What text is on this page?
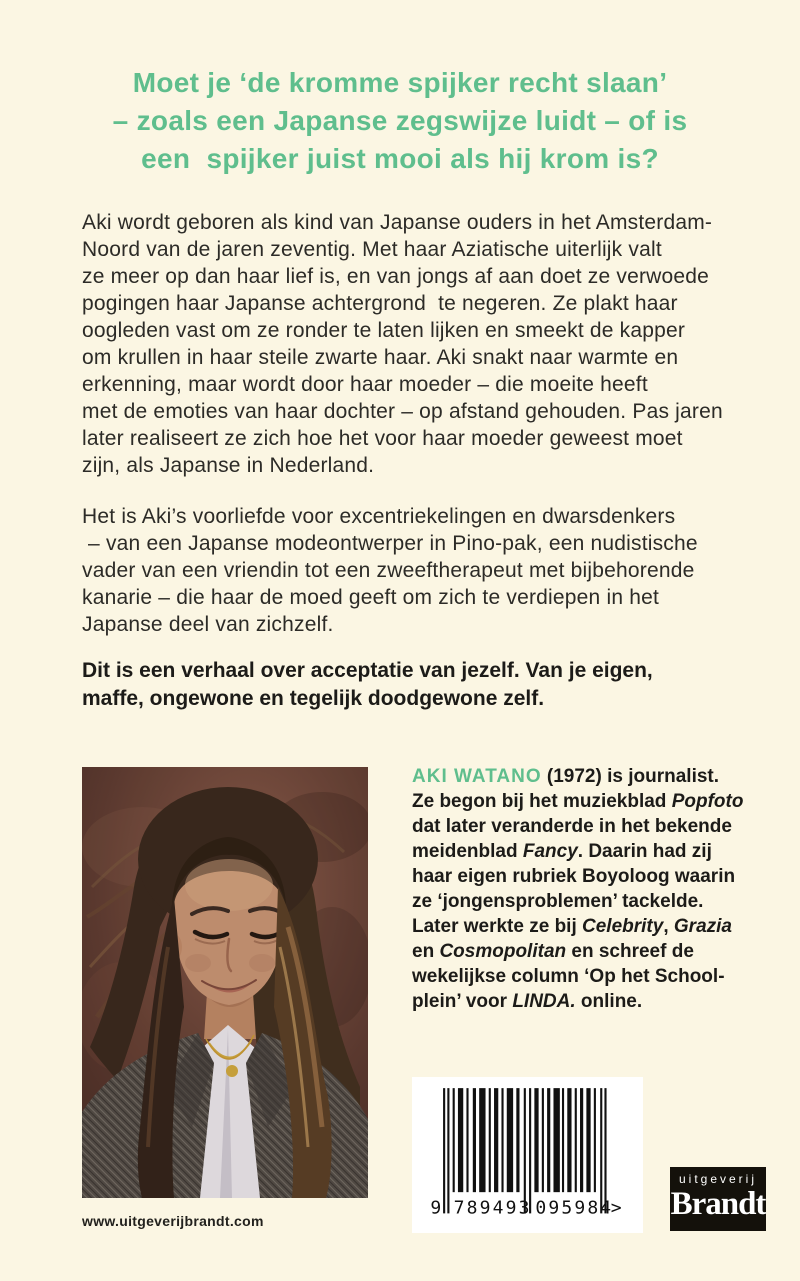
Moet je ‘de kromme spijker recht slaan’
– zoals een Japanse zegswijze luidt – of is
een  spijker juist mooi als hij krom is?
Aki wordt geboren als kind van Japanse ouders in het Amsterdam-
Noord van de jaren zeventig. Met haar Aziatische uiterlijk valt
ze meer op dan haar lief is, en van jongs af aan doet ze verwoede
pogingen haar Japanse achtergrond  te negeren. Ze plakt haar
oogleden vast om ze ronder te laten lijken en smeekt de kapper
om krullen in haar steile zwarte haar. Aki snakt naar warmte en
erkenning, maar wordt door haar moeder – die moeite heeft
met de emoties van haar dochter – op afstand gehouden. Pas jaren
later realiseert ze zich hoe het voor haar moeder geweest moet
zijn, als Japanse in Nederland.
Het is Aki’s voorliefde voor excentriekelingen en dwarsdenkers
– van een Japanse modeontwerper in Pino-pak, een nudistische
vader van een vriendin tot een zweeftherapeut met bijbehorende
kanarie – die haar de moed geeft om zich te verdiepen in het
Japanse deel van zichzelf.
Dit is een verhaal over acceptatie van jezelf. Van je eigen,
maffe, ongewone en tegelijk doodgewone zelf.
AKI WATANO (1972) is journalist.
Ze begon bij het muziekblad Popfoto
dat later veranderde in het bekende
meidenblad Fancy. Daarin had zij
haar eigen rubriek Boyoloog waarin
ze ‘jongensproblemen’ tackelde.
Later werkte ze bij Celebrity, Grazia
en Cosmopolitan en schreef de
wekelijkse column ‘Op het School-
plein’ voor LINDA. online.
9 789493 095984
>
uitgeverij
Brandt
www.uitgeverijbrandt.com
